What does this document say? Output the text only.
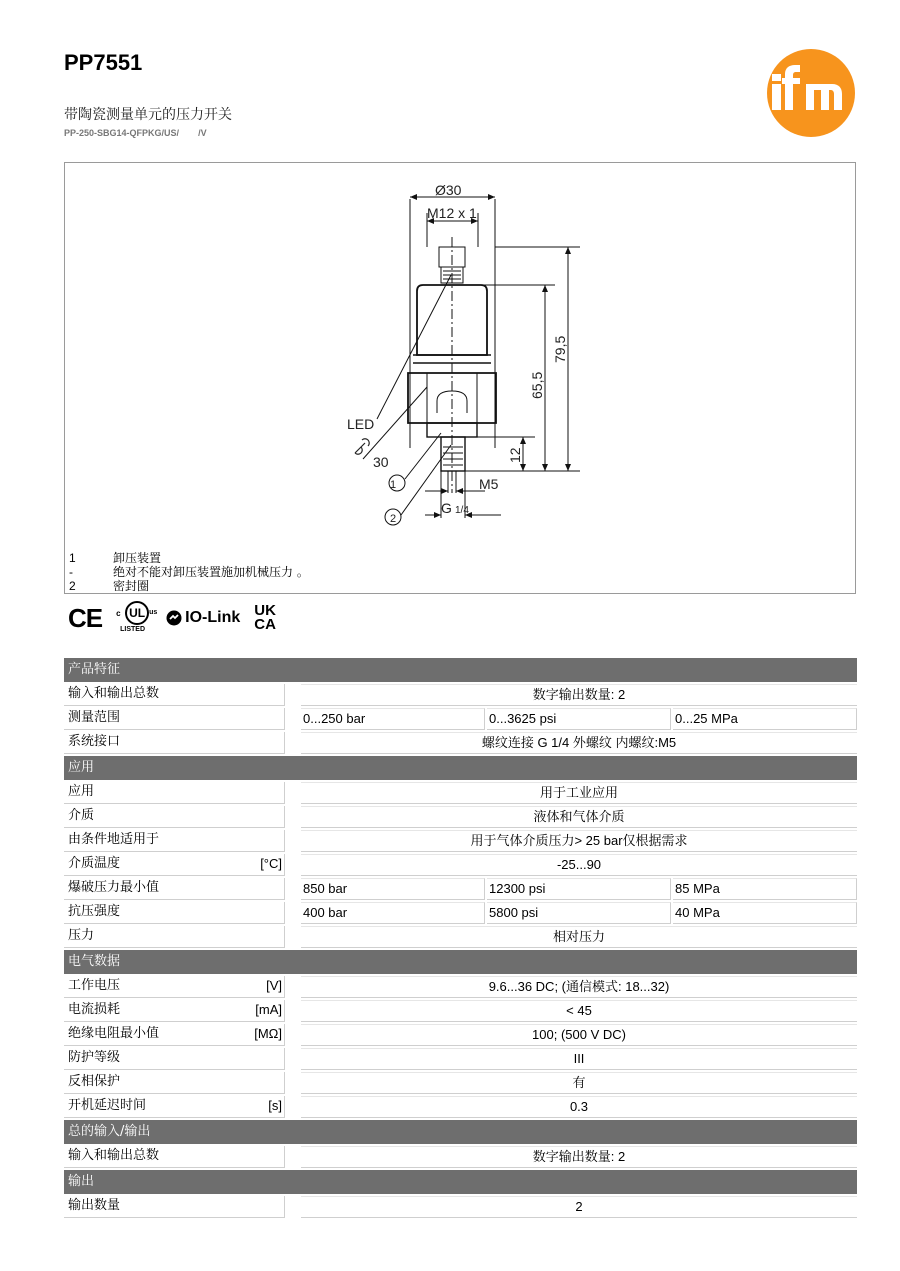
PP7551
带陶瓷测量单元的压力开关
PP-250-SBG14-QFPKG/US/ /V
Ø30
M12 x 1
LED
30
M5
G 1/4
1
2
79,5
65,5
12
1	卸压装置
-	绝对不能对卸压装置施加机械压力 。
2	密封圈
CE	UL
c	us
LISTED
IO-Link UK
CA
产品特征
输入和输出总数	数字输出数量: 2
测量范围	0...250 bar	0...3625 psi	0...25 MPa
系统接口	螺纹连接 G 1/4 外螺纹 内螺纹:M5
应用
应用	用于工业应用
介质	液体和气体介质
由条件地适用于	用于气体介质压力> 25 bar仅根据需求
介质温度	[°C]	-25...90
爆破压力最小值	850 bar	12300 psi	85 MPa
抗压强度	400 bar	5800 psi	40 MPa
压力	相对压力
电气数据
工作电压	[V]	9.6...36 DC; (通信模式: 18...32)
电流损耗	[mA]	< 45
绝缘电阻最小值	[MΩ]	100; (500 V DC)
防护等级	III
反相保护	有
开机延迟时间	[s]	0.3
总的输入/输出
输入和输出总数	数字输出数量: 2
输出
输出数量	2
